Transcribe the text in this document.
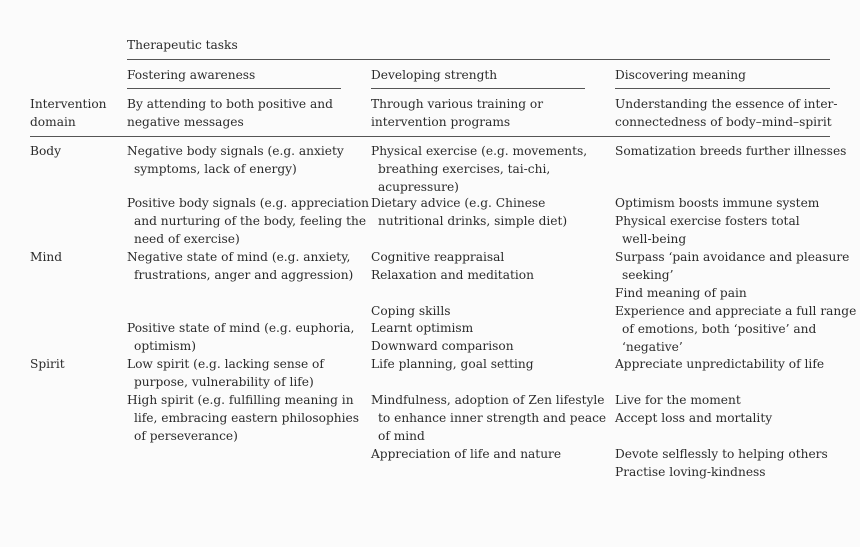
Therapeutic tasks
Fostering awareness	Developing strength	Discovering meaning
Intervention
domain
By attending to both positive and
negative messages
Through various training or
intervention programs
Understanding the essence of inter-
connectedness of body–mind–spirit
Body
Mind
Spirit
Negative body signals (e.g. anxiety
symptoms, lack of energy)
Positive body signals (e.g. appreciation
and nurturing of the body, feeling the
need of exercise)
Negative state of mind (e.g. anxiety,
frustrations, anger and aggression)
Positive state of mind (e.g. euphoria,
optimism)
Low spirit (e.g. lacking sense of
purpose, vulnerability of life)
High spirit (e.g. fulfilling meaning in
life, embracing eastern philosophies
of perseverance)
Physical exercise (e.g. movements,
breathing exercises, tai-chi,
acupressure)
Dietary advice (e.g. Chinese
nutritional drinks, simple diet)
Cognitive reappraisal
Relaxation and meditation
Coping skills
Learnt optimism
Downward comparison
Life planning, goal setting
Mindfulness, adoption of Zen lifestyle
to enhance inner strength and peace
of mind
Appreciation of life and nature
Somatization breeds further illnesses
Optimism boosts immune system
Physical exercise fosters total
well-being
Surpass ‘pain avoidance and pleasure
seeking’
Find meaning of pain
Experience and appreciate a full range
of emotions, both ‘positive’ and
‘negative’
Appreciate unpredictability of life
Live for the moment
Accept loss and mortality
Devote selflessly to helping others
Practise loving-kindness
